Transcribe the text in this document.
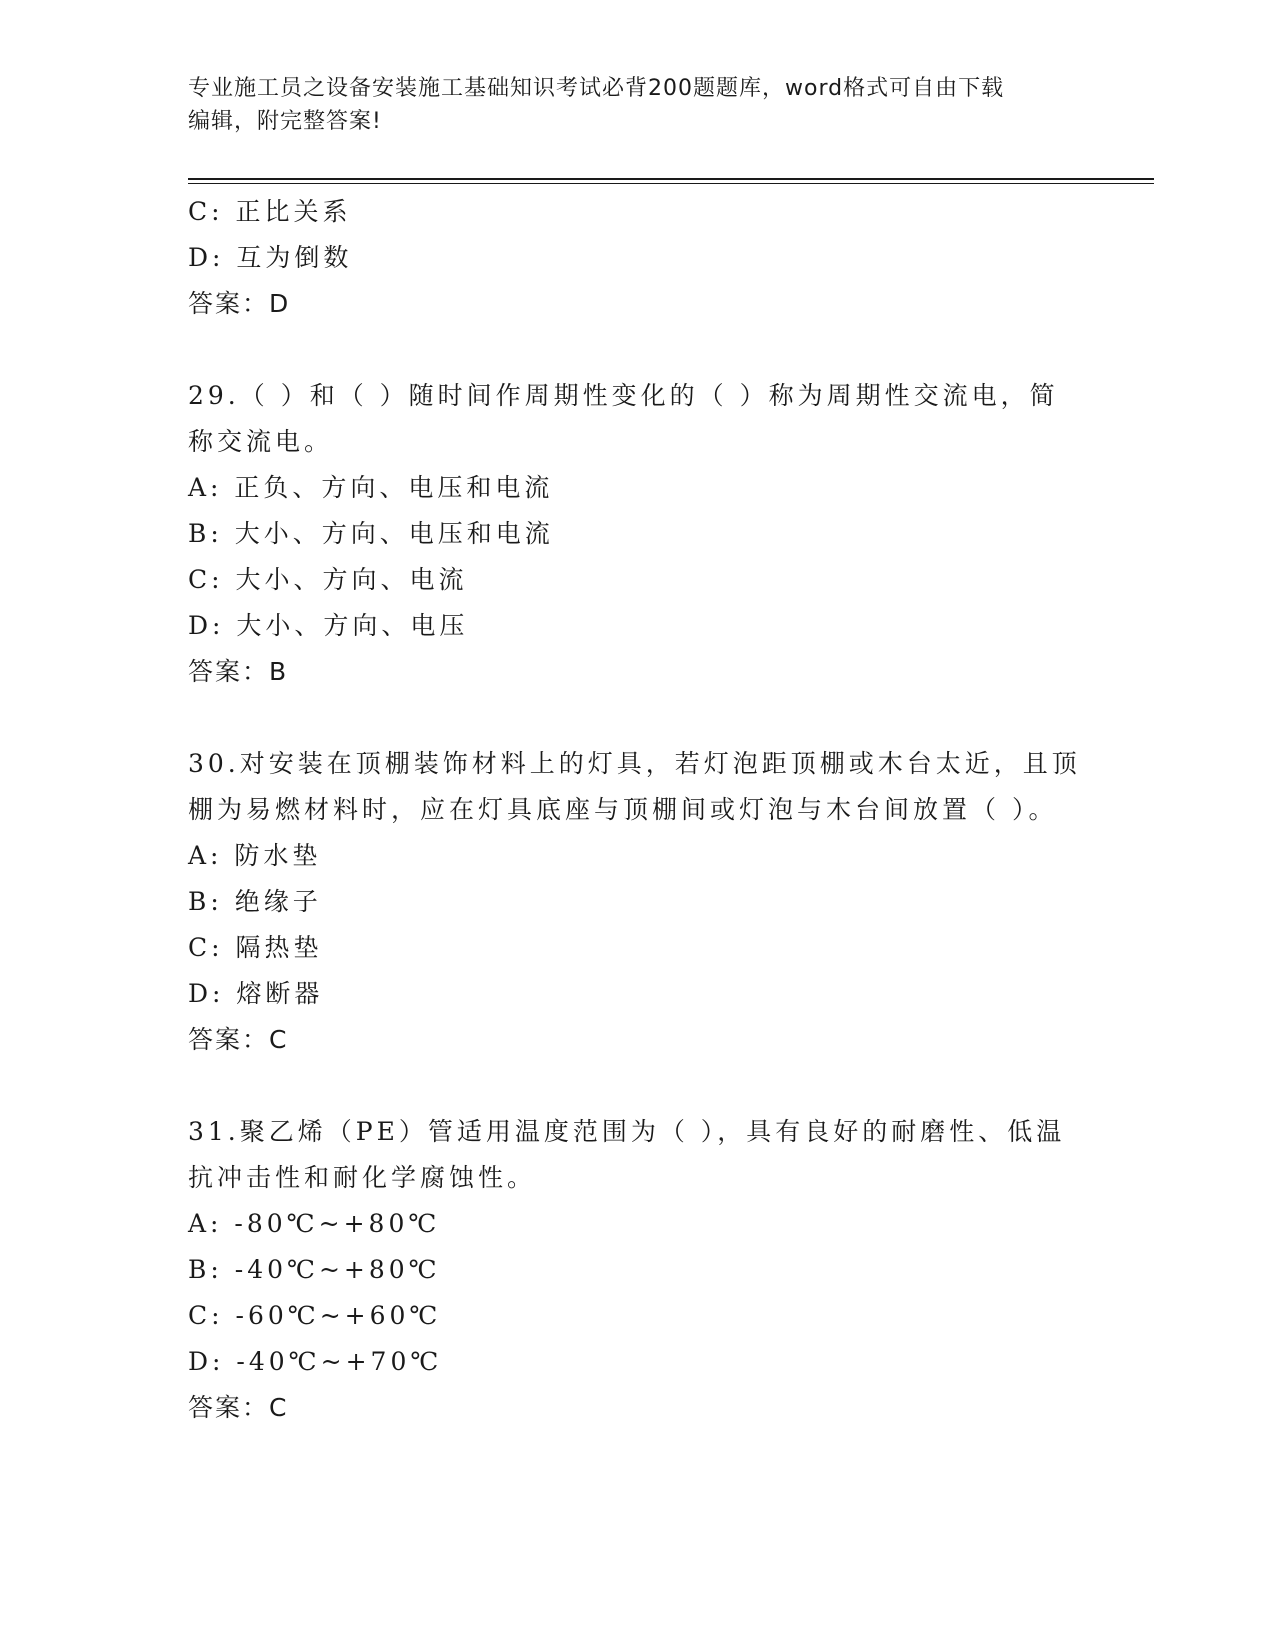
专业施工员之设备安装施工基础知识考试必背200题题库，word格式可自由下载
编辑，附完整答案!
C: 正比关系
D: 互为倒数
答案：D
29.（ ）和（ ）随时间作周期性变化的（ ）称为周期性交流电，简
称交流电。
A: 正负、方向、电压和电流
B: 大小、方向、电压和电流
C: 大小、方向、电流
D: 大小、方向、电压
答案：B
30.对安装在顶棚装饰材料上的灯具，若灯泡距顶棚或木台太近，且顶
棚为易燃材料时，应在灯具底座与顶棚间或灯泡与木台间放置（ ）。
A: 防水垫
B: 绝缘子
C: 隔热垫
D: 熔断器
答案：C
31.聚乙烯（PE）管适用温度范围为（ ），具有良好的耐磨性、低温
抗冲击性和耐化学腐蚀性。
A: -80℃~+80℃
B: -40℃~+80℃
C: -60℃~+60℃
D: -40℃~+70℃
答案：C
